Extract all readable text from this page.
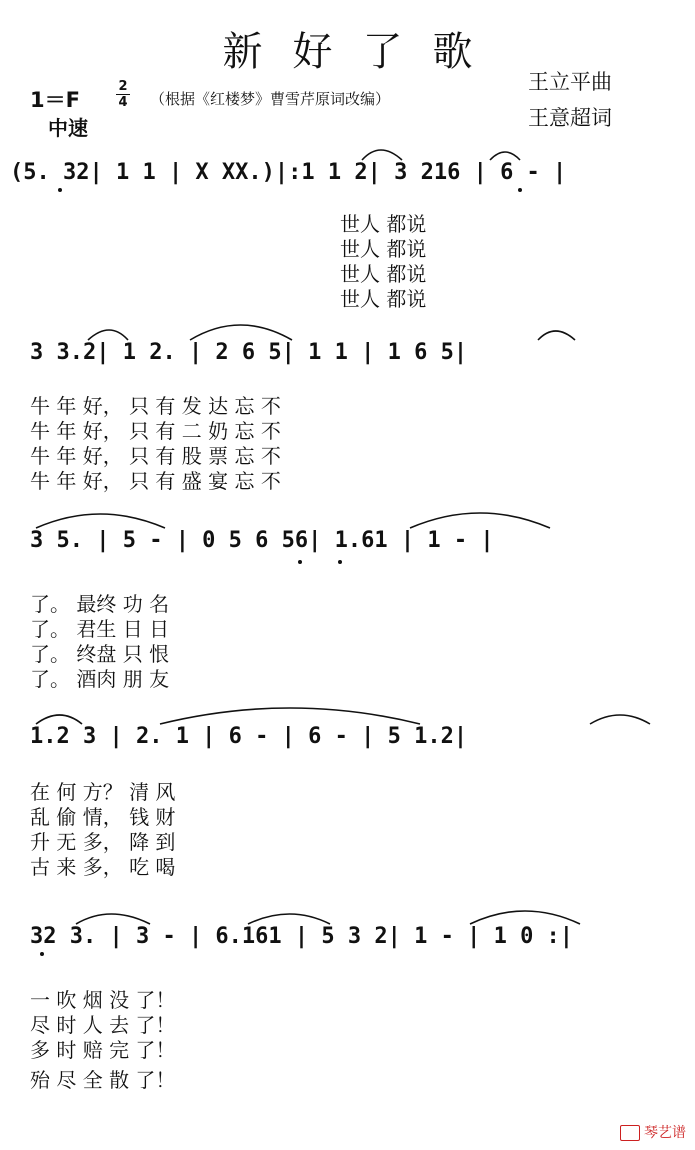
新好了歌
1＝F
2
4 （根据《红楼梦》曹雪芹原词改编）
王立平曲
王意超词
中速
(5. 32| 1 1 | X XX.)|:1 1 2| 3 216 | 6 - |
世人 都说
世人 都说
世人 都说
世人 都说
3 3.2| 1 2. | 2 6 5| 1 1 | 1 6 5|
牛 年 好， 只 有 发 达 忘 不
牛 年 好， 只 有 二 奶 忘 不
牛 年 好， 只 有 股 票 忘 不
牛 年 好， 只 有 盛 宴 忘 不
3 5. | 5 - | 0 5 6 56| 1.61 | 1 - |
了。 最终 功 名
了。 君生 日 日
了。 终盘 只 恨
了。 酒肉 朋 友
1.2 3 | 2. 1 | 6 - | 6 - | 5 1.2|
在 何 方？ 清 风
乱 偷 情， 钱 财
升 无 多， 降 到
古 来 多， 吃 喝
32 3. | 3 - | 6.161 | 5 3 2| 1 - | 1 0 :|
一 吹 烟 没 了！
尽 时 人 去 了！
多 时 赔 完 了！
殆 尽 全 散 了！
琴艺谱
